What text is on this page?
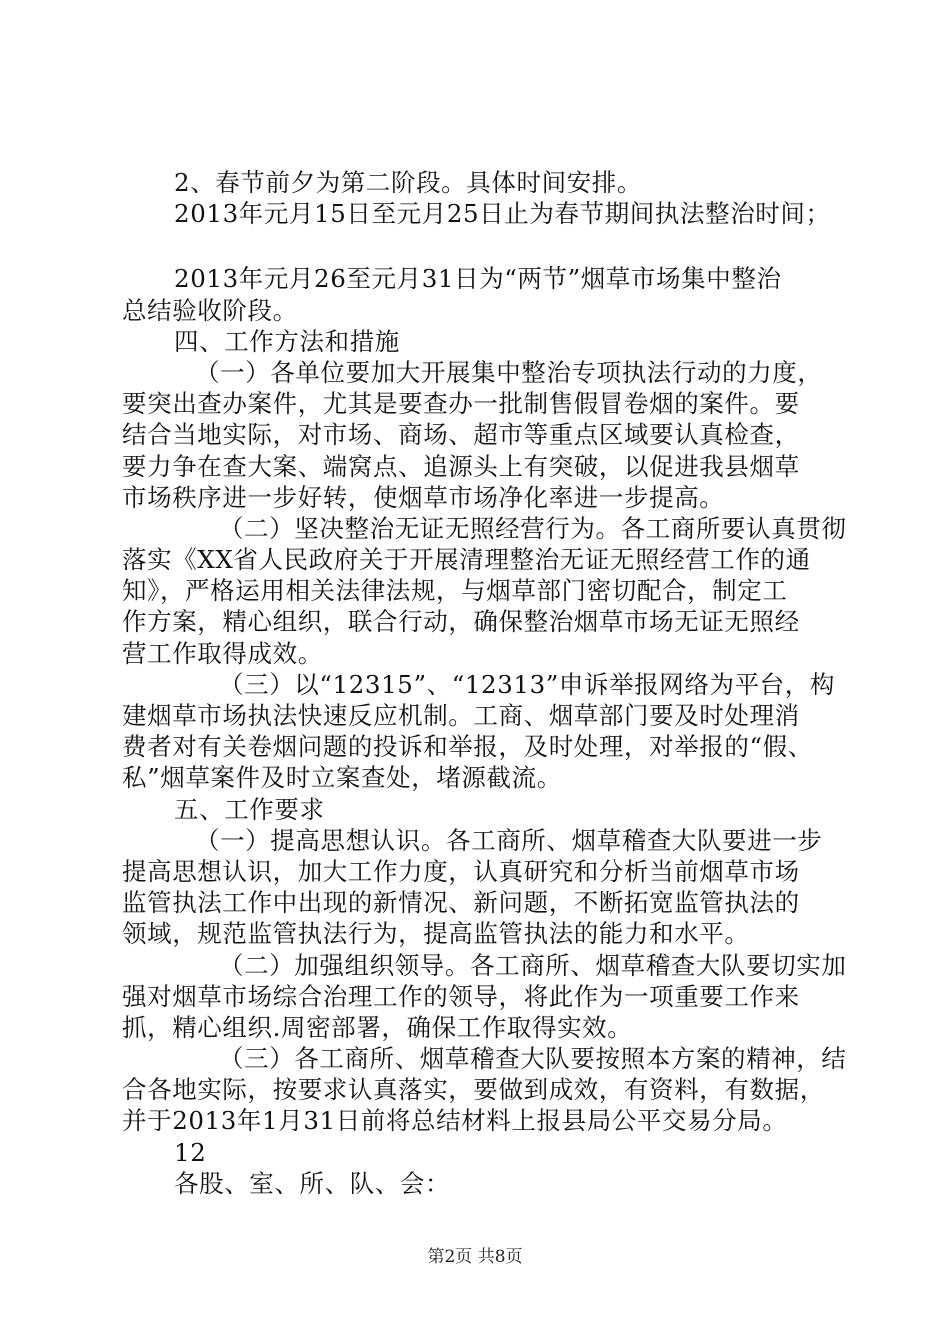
2、春节前夕为第二阶段。具体时间安排。
2013年元月15日至元月25日止为春节期间执法整治时间；
2013年元月26至元月31日为“两节”烟草市场集中整治
总结验收阶段。
四、工作方法和措施
（一）各单位要加大开展集中整治专项执法行动的力度，
要突出查办案件，尤其是要查办一批制售假冒卷烟的案件。要
结合当地实际，对市场、商场、超市等重点区域要认真检查，
要力争在查大案、端窝点、追源头上有突破，以促进我县烟草
市场秩序进一步好转，使烟草市场净化率进一步提高。
（二）坚决整治无证无照经营行为。各工商所要认真贯彻
落实《XX省人民政府关于开展清理整治无证无照经营工作的通
知》，严格运用相关法律法规，与烟草部门密切配合，制定工
作方案，精心组织，联合行动，确保整治烟草市场无证无照经
营工作取得成效。
（三）以“12315”、“12313”申诉举报网络为平台，构
建烟草市场执法快速反应机制。工商、烟草部门要及时处理消
费者对有关卷烟问题的投诉和举报，及时处理，对举报的“假、
私”烟草案件及时立案查处，堵源截流。
五、工作要求
（一）提高思想认识。各工商所、烟草稽查大队要进一步
提高思想认识，加大工作力度，认真研究和分析当前烟草市场
监管执法工作中出现的新情况、新问题，不断拓宽监管执法的
领域，规范监管执法行为，提高监管执法的能力和水平。
（二）加强组织领导。各工商所、烟草稽查大队要切实加
强对烟草市场综合治理工作的领导，将此作为一项重要工作来
抓，精心组织.周密部署，确保工作取得实效。
（三）各工商所、烟草稽查大队要按照本方案的精神，结
合各地实际，按要求认真落实，要做到成效，有资料，有数据，
并于2013年1月31日前将总结材料上报县局公平交易分局。
12
各股、室、所、队、会：
第2页 共8页
